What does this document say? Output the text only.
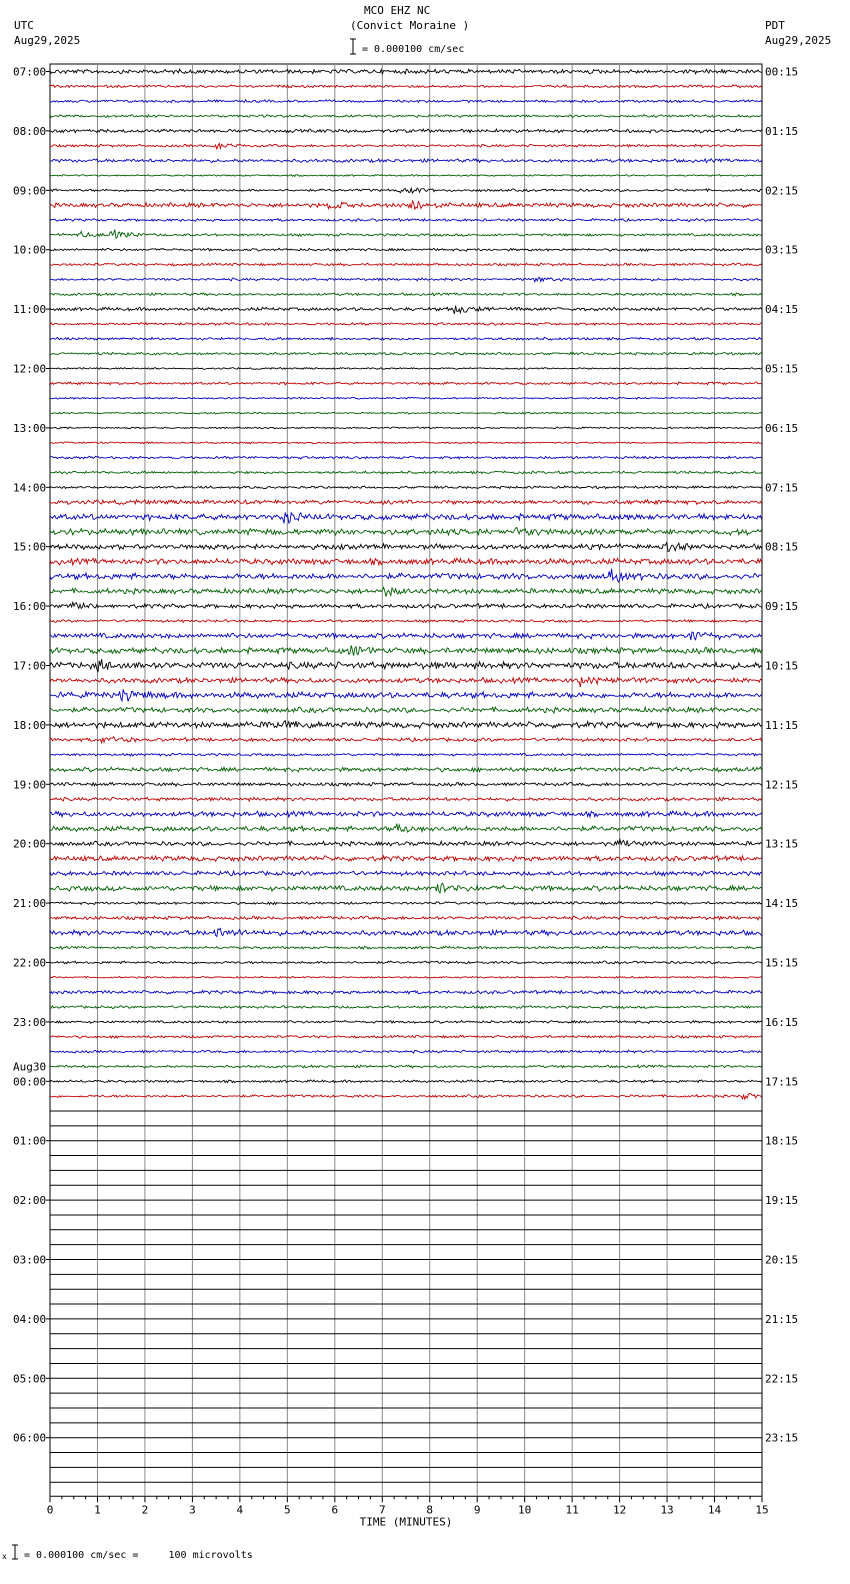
MCO EHZ NC
(Convict Moraine )
UTC
Aug29,2025
PDT
Aug29,2025
= 0.000100 cm/sec
07:00	00:15
08:00	01:15
09:00	02:15
10:00	03:15
11:00	04:15
12:00	05:15
13:00	06:15
14:00	07:15
15:00	08:15
16:00	09:15
17:00	10:15
18:00	11:15
19:00	12:15
20:00	13:15
21:00	14:15
22:00	15:15
23:00	16:15
00:00	17:15
01:00	18:15
02:00	19:15
03:00	20:15
04:00	21:15
05:00	22:15
06:00	23:15
Aug30
0	1	2	3	4	5	6	7	8	9	10	11	12	13	14	15
TIME (MINUTES)
x = 0.000100 cm/sec =     100 microvolts
